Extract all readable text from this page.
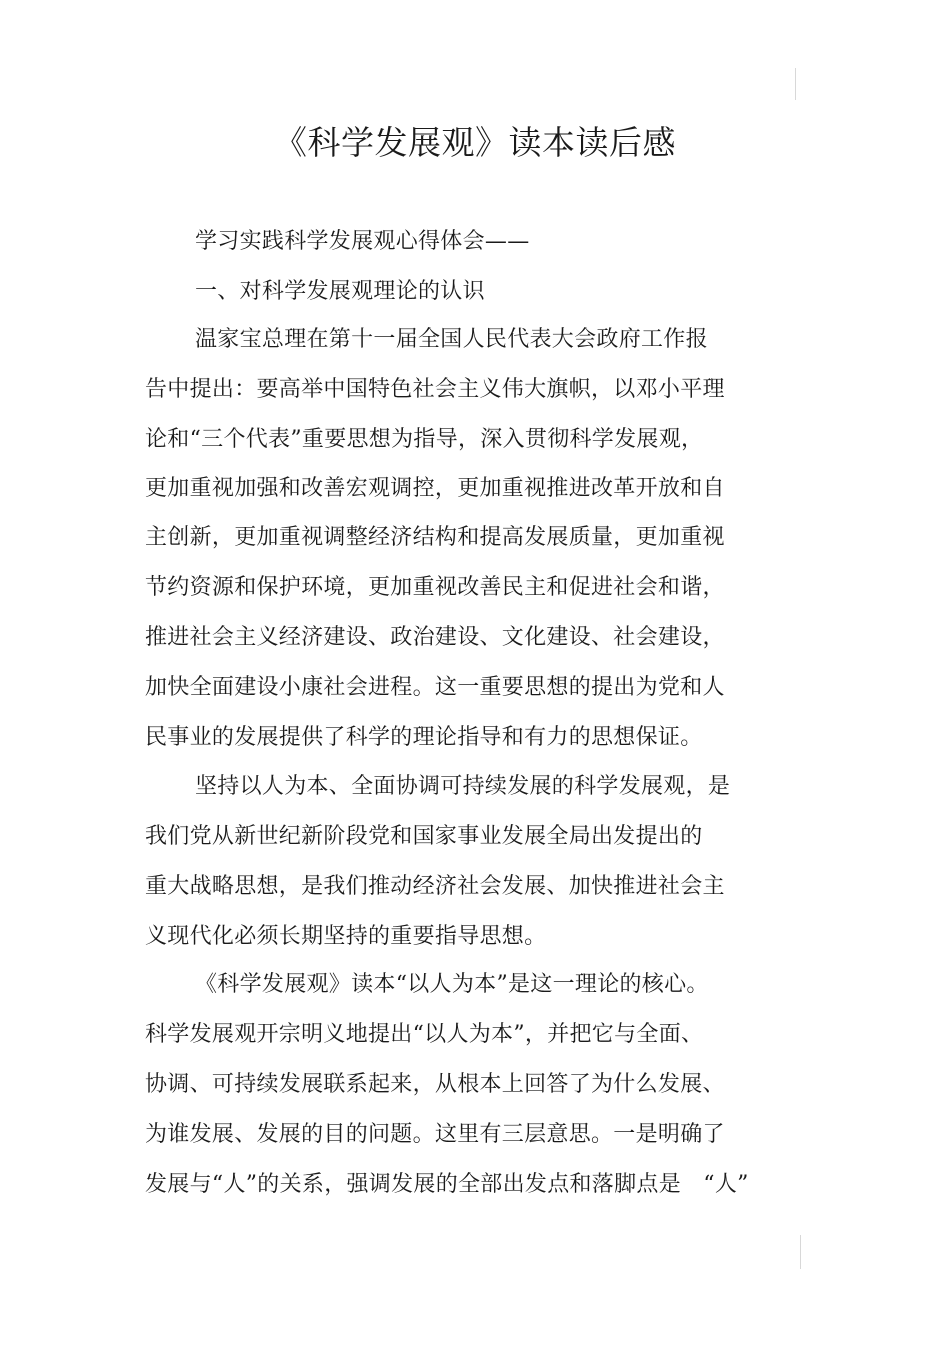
《科学发展观》读本读后感
学习实践科学发展观心得体会——
一、对科学发展观理论的认识
温家宝总理在第十一届全国人民代表大会政府工作报
告中提出：要高举中国特色社会主义伟大旗帜，以邓小平理
论和“三个代表”重要思想为指导，深入贯彻科学发展观，
更加重视加强和改善宏观调控，更加重视推进改革开放和自
主创新，更加重视调整经济结构和提高发展质量，更加重视
节约资源和保护环境，更加重视改善民主和促进社会和谐，
推进社会主义经济建设、政治建设、文化建设、社会建设，
加快全面建设小康社会进程。这一重要思想的提出为党和人
民事业的发展提供了科学的理论指导和有力的思想保证。
坚持以人为本、全面协调可持续发展的科学发展观，是
我们党从新世纪新阶段党和国家事业发展全局出发提出的
重大战略思想，是我们推动经济社会发展、加快推进社会主
义现代化必须长期坚持的重要指导思想。
《科学发展观》读本“以人为本”是这一理论的核心。
科学发展观开宗明义地提出“以人为本”，并把它与全面、
协调、可持续发展联系起来，从根本上回答了为什么发展、
为谁发展、发展的目的问题。这里有三层意思。一是明确了
发展与“人”的关系，强调发展的全部出发点和落脚点是　“人”
